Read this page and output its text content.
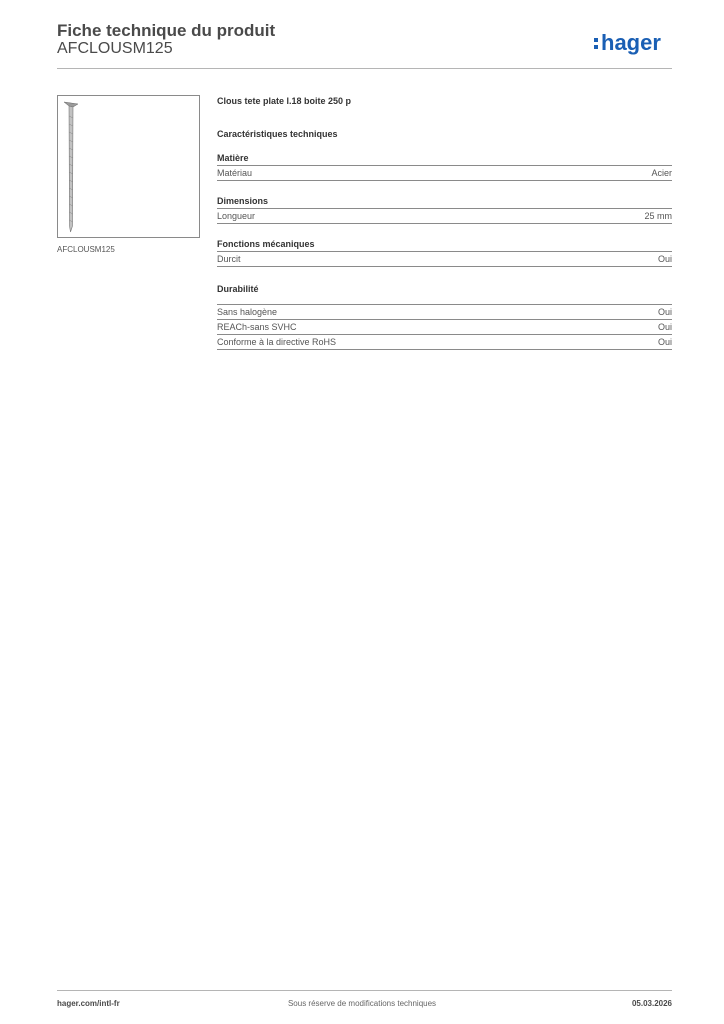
Fiche technique du produit
AFCLOUSM125	hager
AFCLOUSM125
Clous tete plate l.18 boite 250 p
Caractéristiques techniques
Matière
Matériau	Acier
Dimensions
Longueur	25 mm
Fonctions mécaniques
Durcit	Oui
Durabilité
Sans halogène	Oui
REACh-sans SVHC	Oui
Conforme à la directive RoHS	Oui
hager.com/intl-fr	Sous réserve de modifications techniques	05.03.2026
